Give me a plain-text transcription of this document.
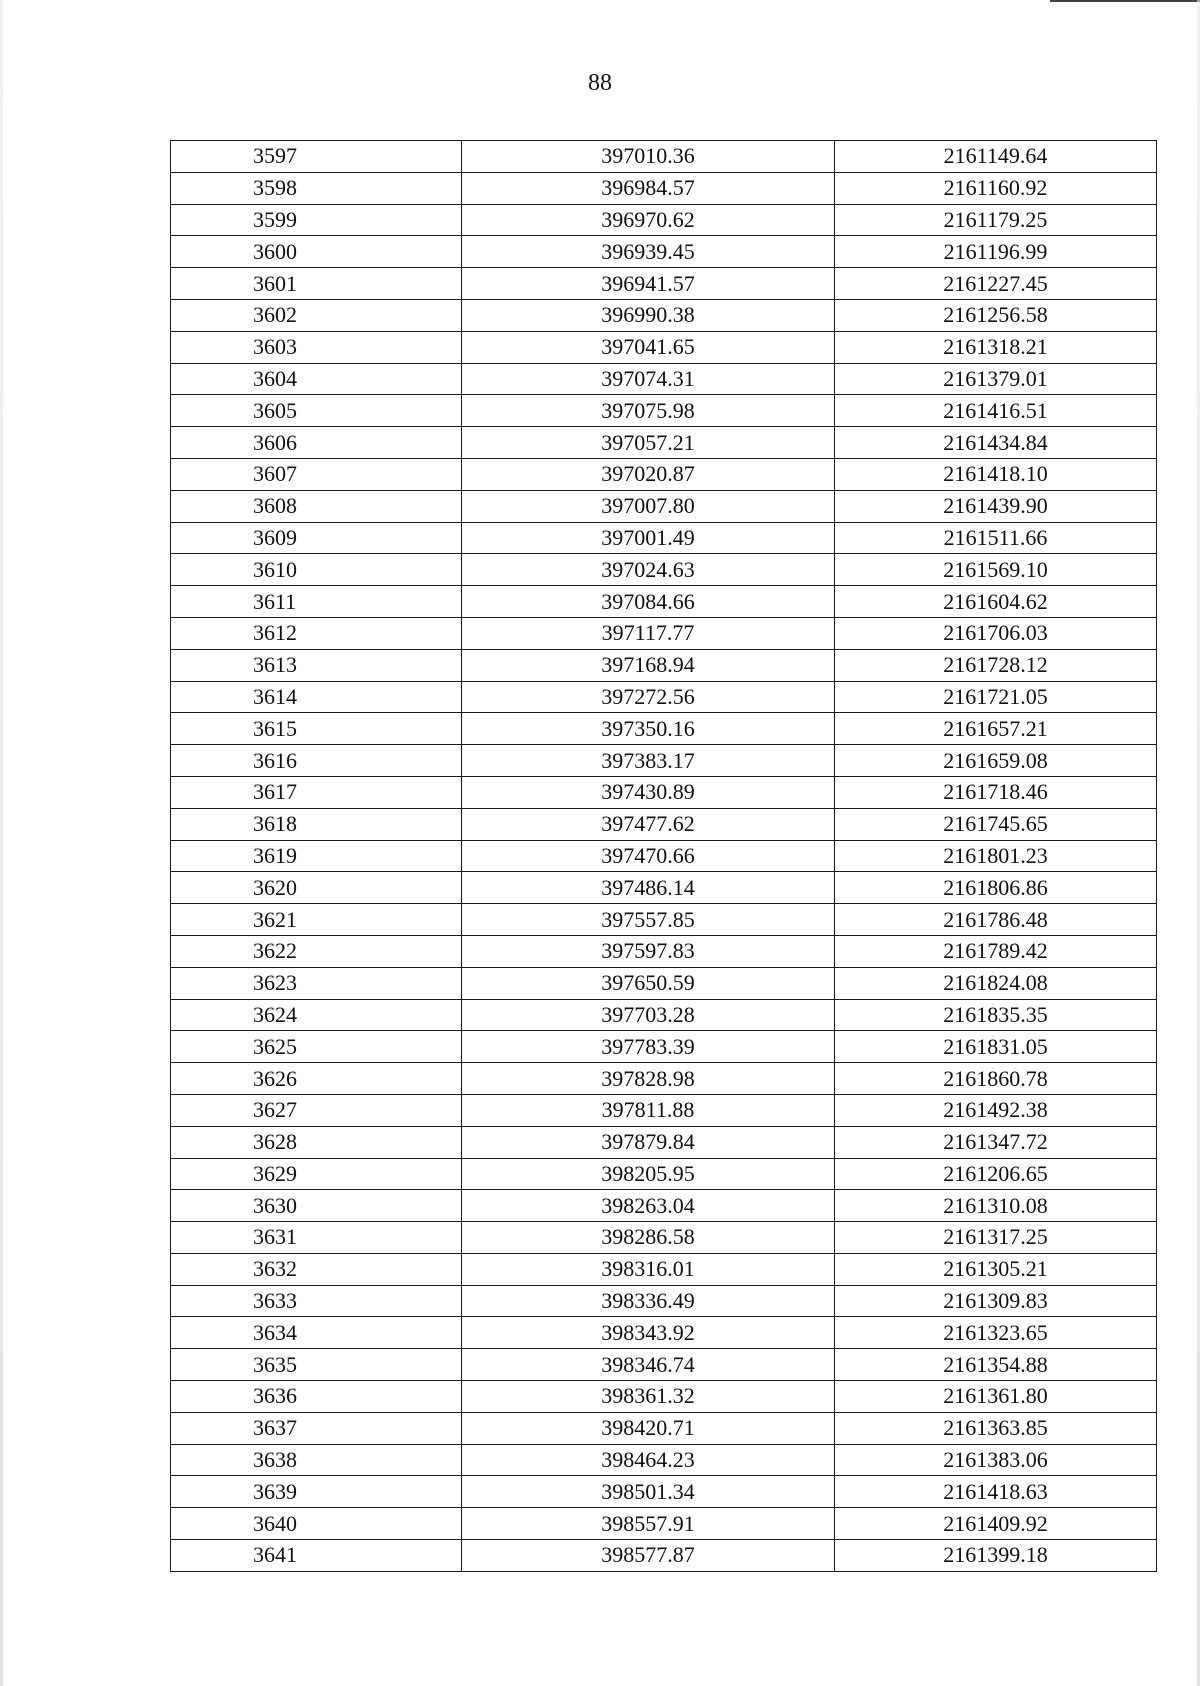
88
3597	397010.36	2161149.64
3598	396984.57	2161160.92
3599	396970.62	2161179.25
3600	396939.45	2161196.99
3601	396941.57	2161227.45
3602	396990.38	2161256.58
3603	397041.65	2161318.21
3604	397074.31	2161379.01
3605	397075.98	2161416.51
3606	397057.21	2161434.84
3607	397020.87	2161418.10
3608	397007.80	2161439.90
3609	397001.49	2161511.66
3610	397024.63	2161569.10
3611	397084.66	2161604.62
3612	397117.77	2161706.03
3613	397168.94	2161728.12
3614	397272.56	2161721.05
3615	397350.16	2161657.21
3616	397383.17	2161659.08
3617	397430.89	2161718.46
3618	397477.62	2161745.65
3619	397470.66	2161801.23
3620	397486.14	2161806.86
3621	397557.85	2161786.48
3622	397597.83	2161789.42
3623	397650.59	2161824.08
3624	397703.28	2161835.35
3625	397783.39	2161831.05
3626	397828.98	2161860.78
3627	397811.88	2161492.38
3628	397879.84	2161347.72
3629	398205.95	2161206.65
3630	398263.04	2161310.08
3631	398286.58	2161317.25
3632	398316.01	2161305.21
3633	398336.49	2161309.83
3634	398343.92	2161323.65
3635	398346.74	2161354.88
3636	398361.32	2161361.80
3637	398420.71	2161363.85
3638	398464.23	2161383.06
3639	398501.34	2161418.63
3640	398557.91	2161409.92
3641	398577.87	2161399.18
